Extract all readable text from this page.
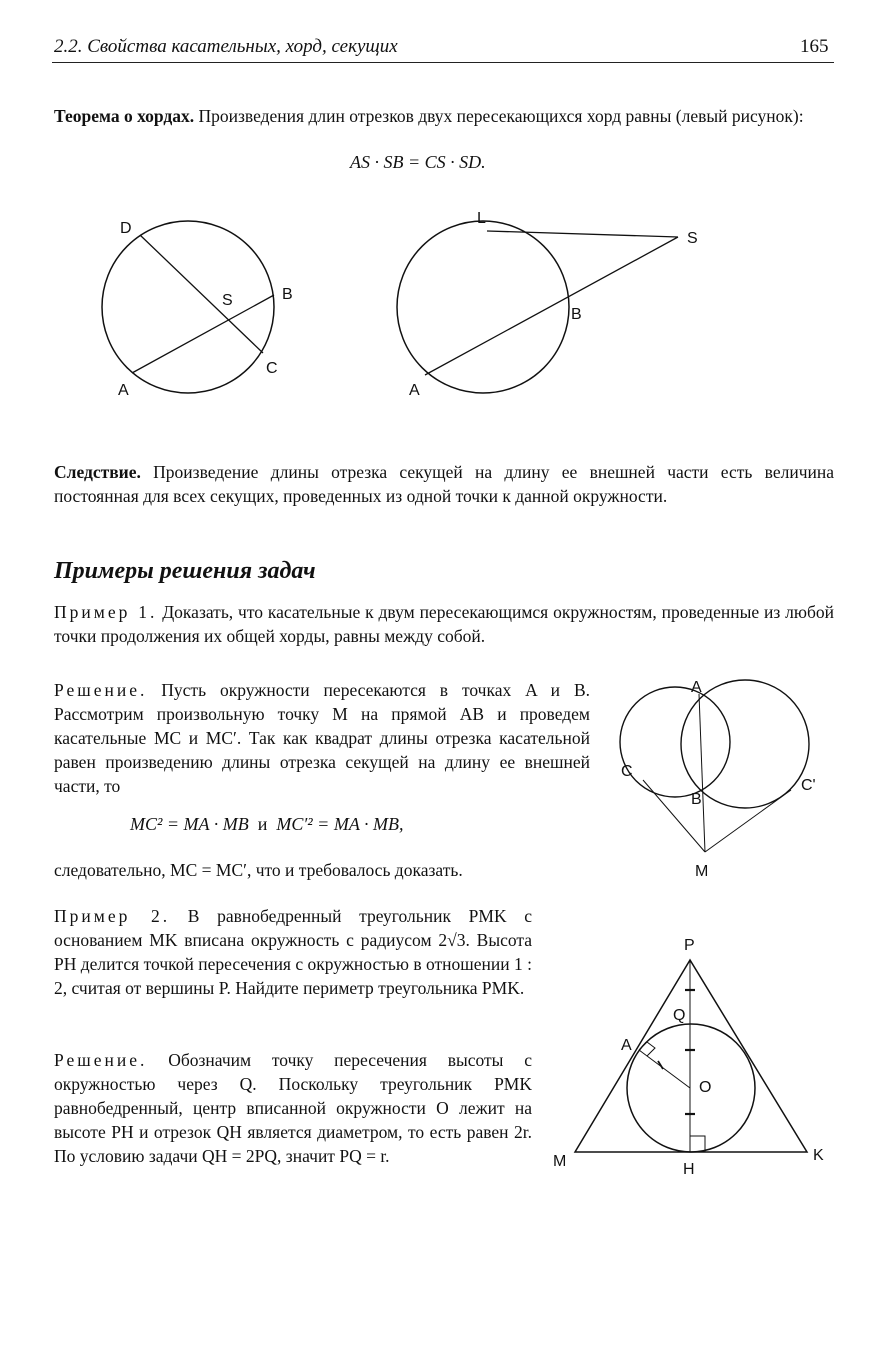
2.2. Свойства касательных, хорд, секущих	165
Теорема о хордах. Произведения длин отрезков двух пересекающихся хорд равны (левый рисунок):
AS · SB = CS · SD.
D
S	B
A
C
L
S
B
A
Следствие. Произведение длины отрезка секущей на длину ее внешней части есть величина постоянная для всех секущих, проведенных из одной точки к данной окружности.
Примеры решения задач
Пример 1. Доказать, что касательные к двум пересекающимся окружностям, проведенные из любой точки продолжения их общей хорды, равны между собой.
Решение. Пусть окружности пересекаются в точках A и B. Рассмотрим произвольную точку M на прямой AB и проведем касательные MC и MC′. Так как квадрат длины отрезка касательной равен произведению длины отрезка секущей на длину ее внешней части, то
MC² = MA · MB и MC′² = MA · MB,
следовательно, MC = MC′, что и требовалось доказать.
A
C
B
C'
M
Пример 2. В равнобедренный треугольник PMK с основанием MK вписана окружность с радиусом 2√3. Высота PH делится точкой пересечения с окружностью в отношении 1 : 2, считая от вершины P. Найдите периметр треугольника PMK.
Решение. Обозначим точку пересечения высоты с окружностью через Q. Поскольку треугольник PMK равнобедренный, центр вписанной окружности O лежит на высоте PH и отрезок QH является диаметром, то есть равен 2r. По условию задачи QH = 2PQ, значит PQ = r.
P
Q
A
O
M	H
K
